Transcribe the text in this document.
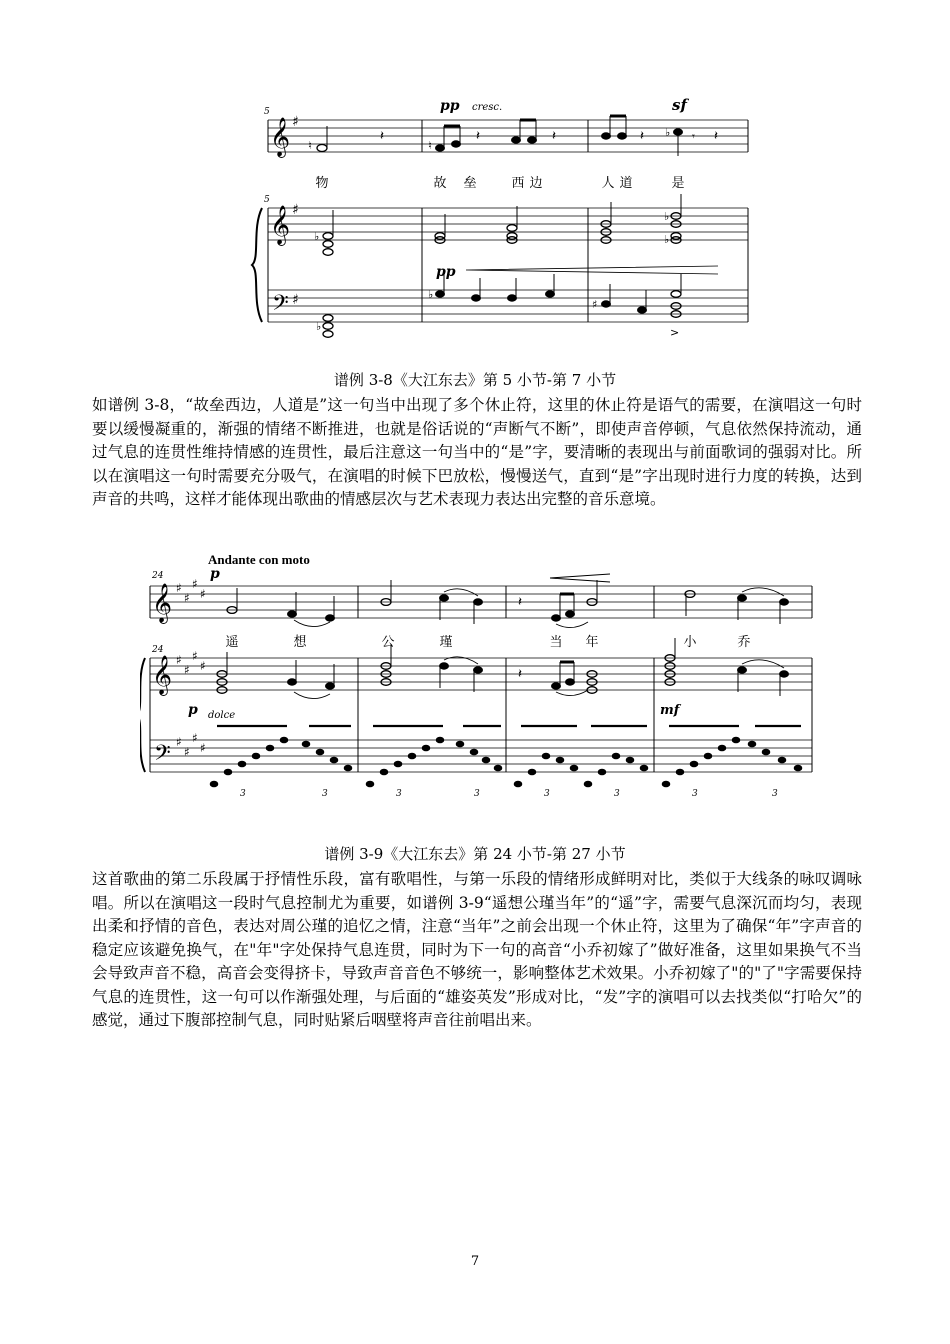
𝄞
𝄞
𝄢
♯
♯
♯
5
5
♮
𝄽
♮
𝄽	𝄽	𝄽 ♭ 𝄾 𝄽
pp cresc.	sf
物	故 垒	西 边	人 道	是
♭
♭
♭
pp
♭
♯
>
♭
谱例 3-8《大江东去》第 5 小节-第 7 小节

如谱例 3-8，“故垒西边，人道是”这一句当中出现了多个休止符，这里的休止符是语气的需要，在演唱这一句时要以缓慢凝重的，渐强的情绪不断推进，也就是俗话说的“声断气不断”，即使声音停顿，气息依然保持流动，通过气息的连贯性维持情感的连贯性，最后注意这一句当中的“是”字，要清晰的表现出与前面歌词的强弱对比。所以在演唱这一句时需要充分吸气，在演唱的时候下巴放松，慢慢送气，直到“是”字出现时进行力度的转换，达到声音的共鸣，这样才能体现出歌曲的情感层次与艺术表现力表达出完整的音乐意境。

Andante con moto
p
24
24
𝄞
𝄞
𝄢
♯
♯
♯
♯
♯
♯
♯
♯
♯
♯
♯
♯
𝄽
遥	想	公	瑾	当 年	小	乔
𝄽
p dolce	mf
3	3	3	3	3	3	3	3
谱例 3-9《大江东去》第 24 小节-第 27 小节

这首歌曲的第二乐段属于抒情性乐段，富有歌唱性，与第一乐段的情绪形成鲜明对比，类似于大线条的咏叹调咏唱。所以在演唱这一段时气息控制尤为重要，如谱例 3-9“遥想公瑾当年”的“遥”字，需要气息深沉而均匀，表现出柔和抒情的音色，表达对周公瑾的追忆之情，注意“当年”之前会出现一个休止符，这里为了确保“年”字声音的稳定应该避免换气，在"年"字处保持气息连贯，同时为下一句的高音“小乔初嫁了”做好准备，这里如果换气不当会导致声音不稳，高音会变得挤卡，导致声音音色不够统一，影响整体艺术效果。小乔初嫁了"的"了"字需要保持气息的连贯性，这一句可以作渐强处理，与后面的“雄姿英发”形成对比，“发”字的演唱可以去找类似“打哈欠”的感觉，通过下腹部控制气息，同时贴紧后咽壁将声音往前唱出来。

7
